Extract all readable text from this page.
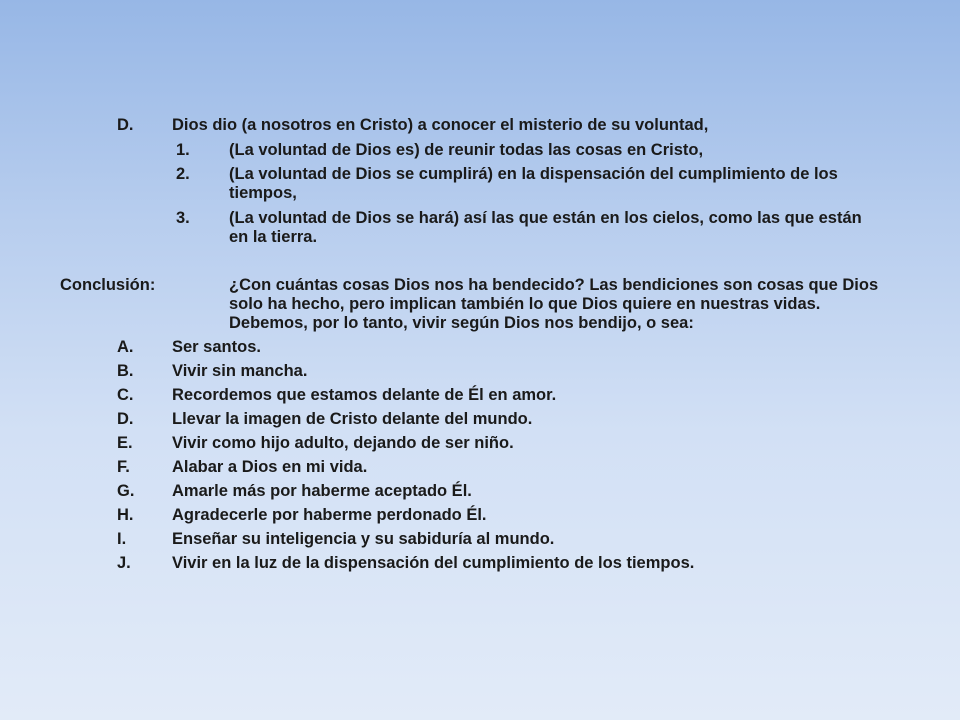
D. Dios dio (a nosotros en Cristo) a conocer el misterio de su voluntad,
1. (La voluntad de Dios es) de reunir todas las cosas en Cristo,
2. (La voluntad de Dios se cumplirá) en la dispensación del cumplimiento de los
tiempos,
3. (La voluntad de Dios se hará) así las que están en los cielos, como las que están
en la tierra.
Conclusión:	¿Con cuántas cosas Dios nos ha bendecido? Las bendiciones son cosas que Dios
solo ha hecho, pero implican también lo que Dios quiere en nuestras vidas.
Debemos, por lo tanto, vivir según Dios nos bendijo, o sea:
A. Ser santos.
B. Vivir sin mancha.
C. Recordemos que estamos delante de Él en amor.
D. Llevar la imagen de Cristo delante del mundo.
E. Vivir como hijo adulto, dejando de ser niño.
F.	Alabar a Dios en mi vida.
G. Amarle más por haberme aceptado Él.
H. Agradecerle por haberme perdonado Él.
I.	Enseñar su inteligencia y su sabiduría al mundo.
J. Vivir en la luz de la dispensación del cumplimiento de los tiempos.
